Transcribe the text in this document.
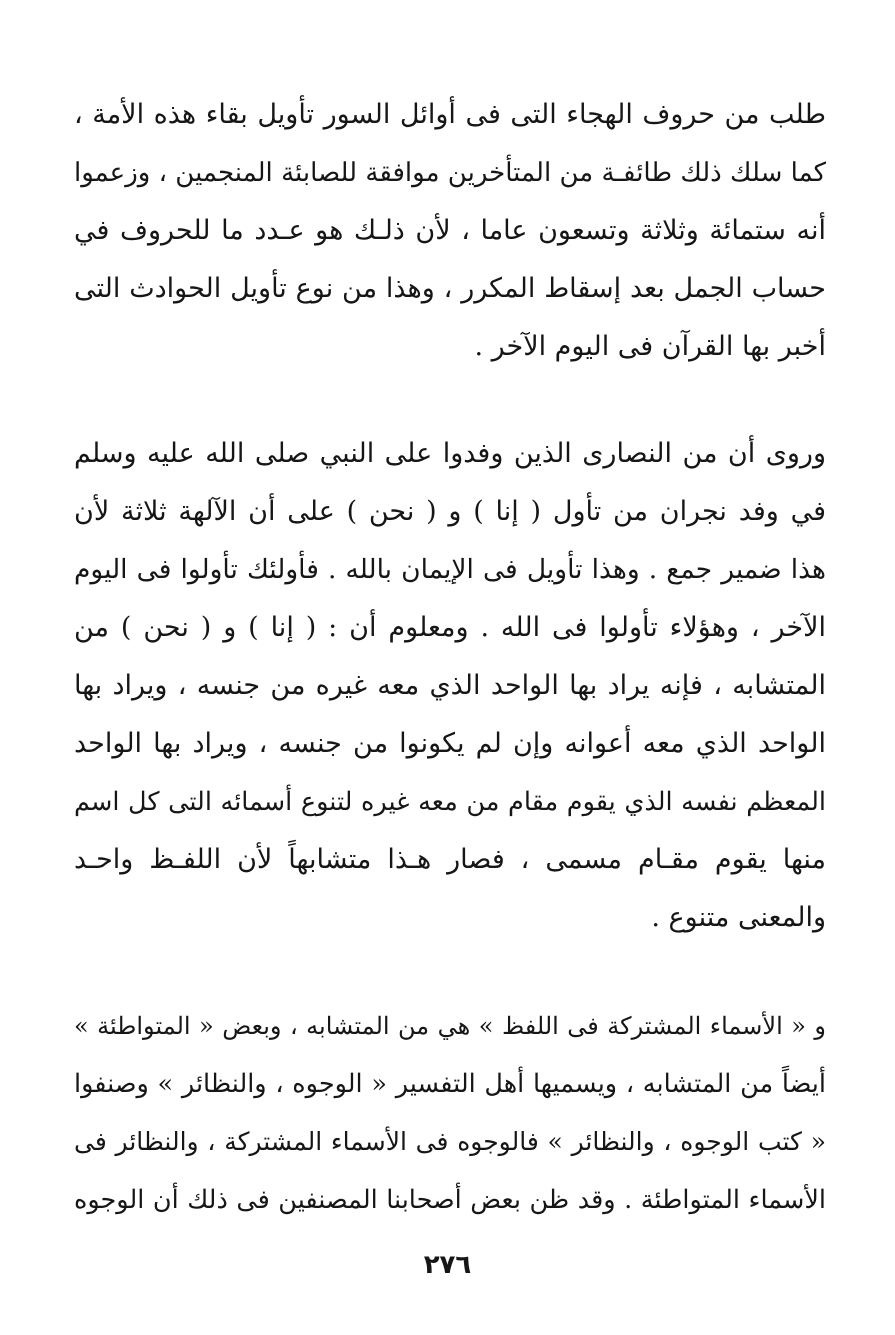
طلب من حروف الهجاء التى فى أوائل السور تأويل بقاء هذه الأمة ،
كما سلك ذلك طائفـة من المتأخرين موافقة للصابئة المنجمين ، وزعموا
أنه ستمائة وثلاثة وتسعون عاما ، لأن ذلـك هو عـدد ما للحروف في
حساب الجمل بعد إسقاط المكرر ، وهذا من نوع تأويل الحوادث التى
أخبر بها القرآن فى اليوم الآخر .
وروى أن من النصارى الذين وفدوا على النبي صلى الله عليه وسلم
في وفد نجران من تأول ( إنا ) و ( نحن ) على أن الآلهة ثلاثة لأن
هذا ضمير جمع . وهذا تأويل فى الإيمان بالله . فأولئك تأولوا فى اليوم
الآخر ، وهؤلاء تأولوا فى الله . ومعلوم أن : ( إنا ) و ( نحن ) من
المتشابه ، فإنه يراد بها الواحد الذي معه غيره من جنسه ، ويراد بها
الواحد الذي معه أعوانه وإن لم يكونوا من جنسه ، ويراد بها الواحد
المعظم نفسه الذي يقوم مقام من معه غيره لتنوع أسمائه التى كل اسم
منها يقوم مقـام مسمى ، فصار هـذا متشابهاً لأن اللفـظ واحـد
والمعنى متنوع .
و « الأسماء المشتركة فى اللفظ » هي من المتشابه ، وبعض « المتواطئة »
أيضاً من المتشابه ، ويسميها أهل التفسير « الوجوه ، والنظائر » وصنفوا
« كتب الوجوه ، والنظائر » فالوجوه فى الأسماء المشتركة ، والنظائر فى
الأسماء المتواطئة . وقد ظن بعض أصحابنا المصنفين فى ذلك أن الوجوه
٢٧٦
